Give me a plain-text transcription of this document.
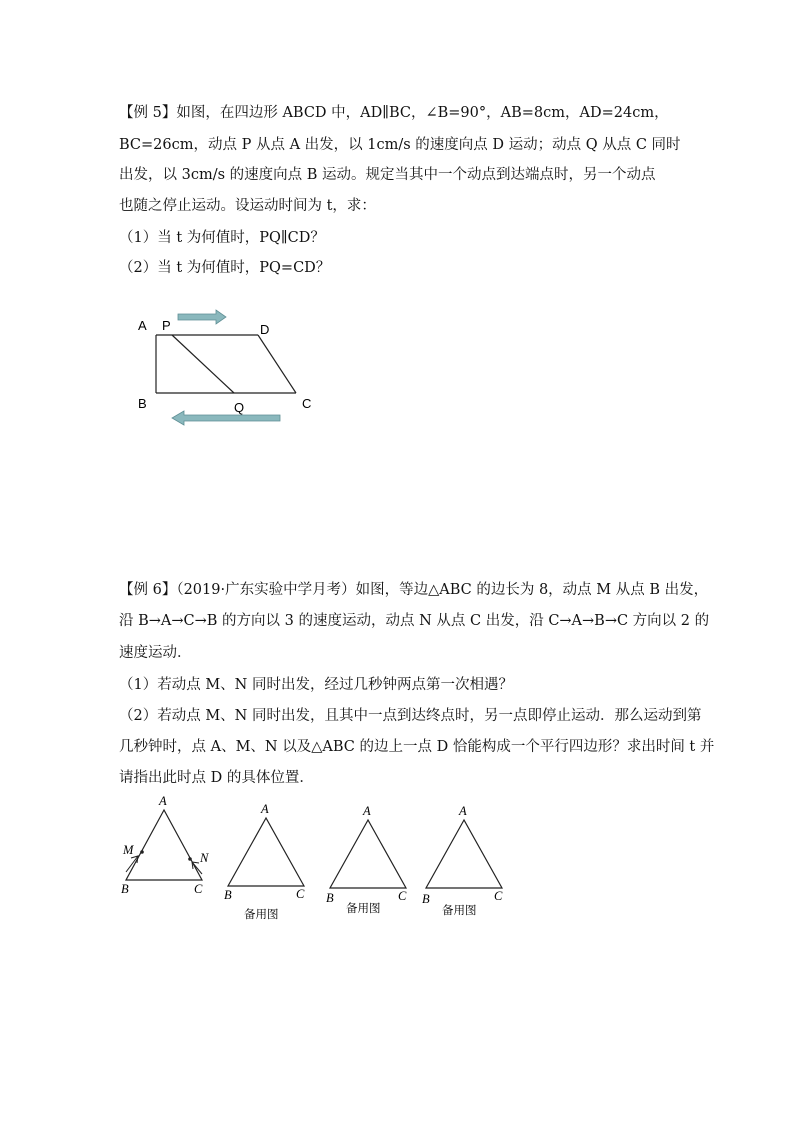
【例 5】如图，在四边形 ABCD 中，AD∥BC，∠B=90°，AB=8cm，AD=24cm，

BC=26cm，动点 P 从点 A 出发，以 1cm/s 的速度向点 D 运动；动点 Q 从点 C 同时

出发，以 3cm/s 的速度向点 B 运动。规定当其中一个动点到达端点时，另一个动点

也随之停止运动。设运动时间为 t，求：

（1）当 t 为何值时，PQ∥CD？

（2）当 t 为何值时，PQ=CD？

A P	D
B	Q	C

【例 6】（2019·广东实验中学月考）如图，等边△ABC 的边长为 8，动点 M 从点 B 出发，

沿 B→A→C→B 的方向以 3 的速度运动，动点 N 从点 C 出发，沿 C→A→B→C 方向以 2 的

速度运动．

（1）若动点 M、N 同时出发，经过几秒钟两点第一次相遇？

（2）若动点 M、N 同时出发，且其中一点到达终点时，另一点即停止运动．那么运动到第

几秒钟时，点 A、M、N 以及△ABC 的边上一点 D 恰能构成一个平行四边形？求出时间 t 并

请指出此时点 D 的具体位置．

A
B	C
M
N
A
B	C
备用图
A
B	C
备用图
A
B	C
备用图
